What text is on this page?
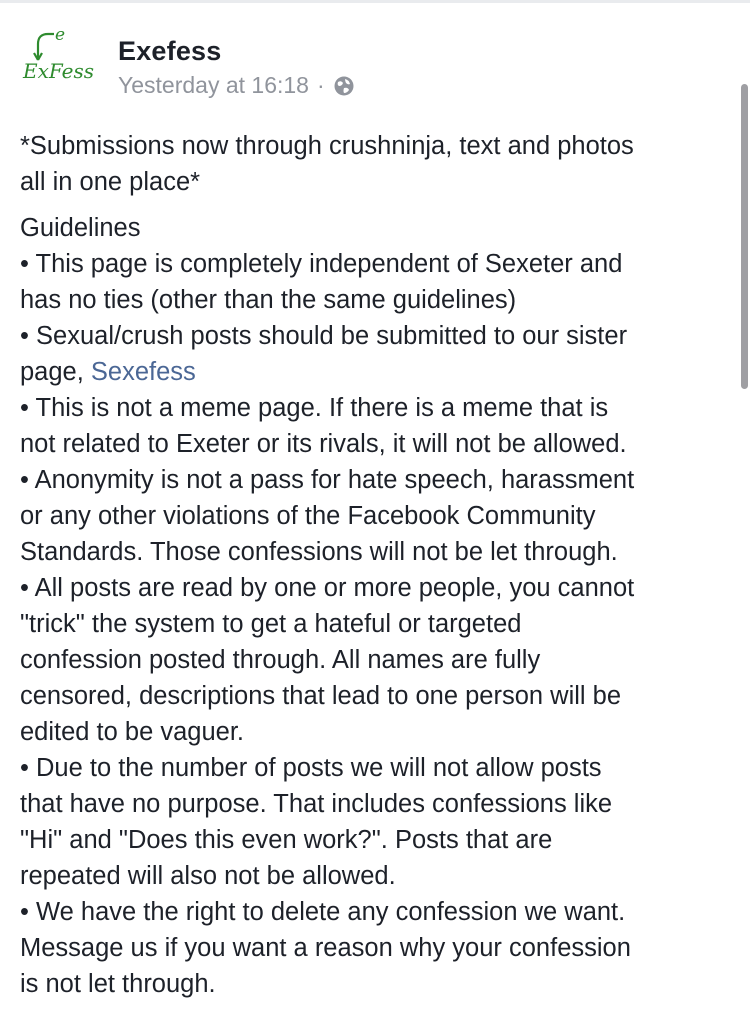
e
ExFess
Exefess
Yesterday at 16:18 ·

*Submissions now through crushninja, text and photos
all in one place*

Guidelines
• This page is completely independent of Sexeter and
has no ties (other than the same guidelines)
• Sexual/crush posts should be submitted to our sister
page, Sexefess
• This is not a meme page. If there is a meme that is
not related to Exeter or its rivals, it will not be allowed.
• Anonymity is not a pass for hate speech, harassment
or any other violations of the Facebook Community
Standards. Those confessions will not be let through.
• All posts are read by one or more people, you cannot
"trick" the system to get a hateful or targeted
confession posted through. All names are fully
censored, descriptions that lead to one person will be
edited to be vaguer.
• Due to the number of posts we will not allow posts
that have no purpose. That includes confessions like
"Hi" and "Does this even work?". Posts that are
repeated will also not be allowed.
• We have the right to delete any confession we want.
Message us if you want a reason why your confession
is not let through.
